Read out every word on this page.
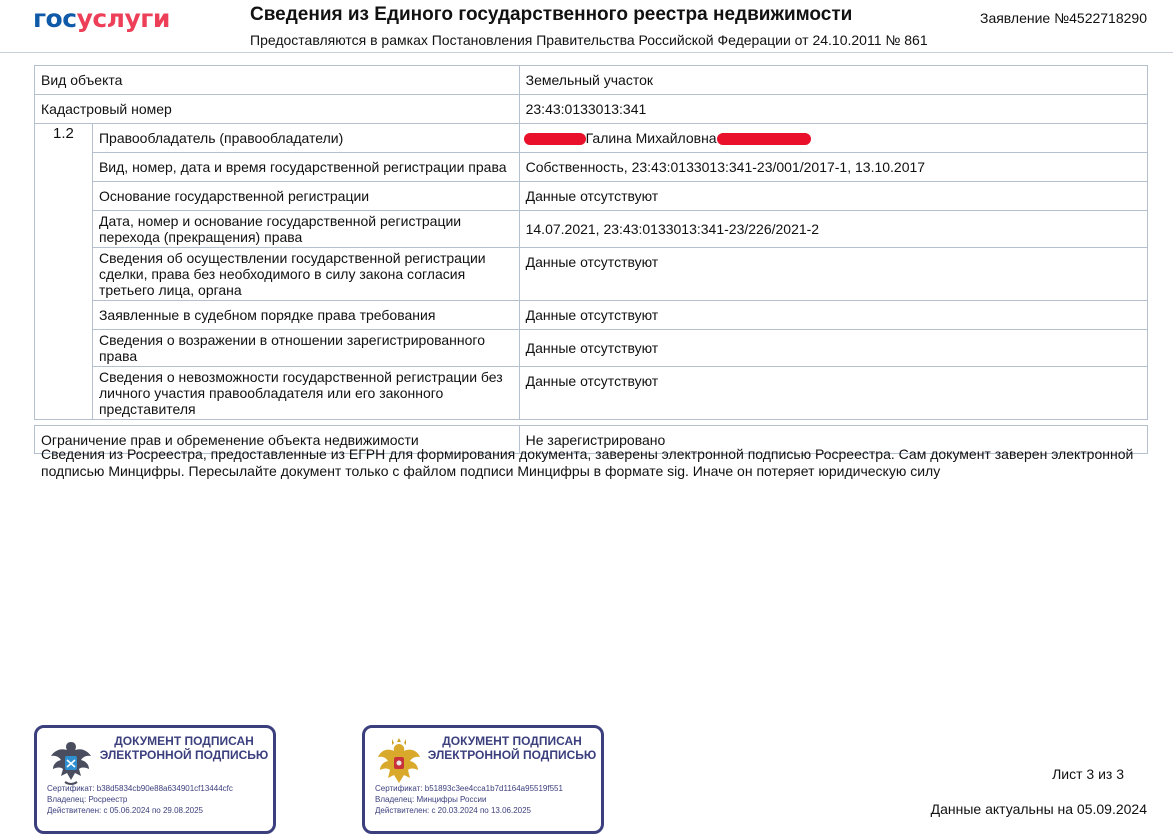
госуслуги	Сведения из Единого государственного реестра недвижимости
Предоставляются в рамках Постановления Правительства Российской Федерации от 24.10.2011 № 861
Заявление №4522718290
Вид объекта		Земельный участок
Кадастровый номер		23:43:0133013:341
1.2	Правообладатель (правообладатели)	Галина Михайловна
	Вид, номер, дата и время государственной регистрации права	Собственность, 23:43:0133013:341-23/001/2017-1, 13.10.2017
	Основание государственной регистрации	Данные отсутствуют
	Дата, номер и основание государственной регистрации перехода (прекращения) права	14.07.2021, 23:43:0133013:341-23/226/2021-2
	Сведения об осуществлении государственной регистрации сделки, права без необходимого в силу закона согласия третьего лица, органа	Данные отсутствуют
	Заявленные в судебном порядке права требования	Данные отсутствуют
	Сведения о возражении в отношении зарегистрированного права	Данные отсутствуют
	Сведения о невозможности государственной регистрации без личного участия правообладателя или его законного представителя	Данные отсутствуют

Ограничение прав и обременение объекта недвижимости		Не зарегистрировано
Сведения из Росреестра, предоставленные из ЕГРН для формирования документа, заверены электронной подписью Росреестра. Сам документ заверен электронной подписью Минцифры. Пересылайте документ только с файлом подписи Минцифры в формате sig. Иначе он потеряет юридическую силу
ДОКУМЕНТ ПОДПИСАН ЭЛЕКТРОННОЙ ПОДПИСЬЮ
Сертификат: b38d5834cb90e88a634901cf13444cfc
Владелец: Росреестр
Действителен: с 05.06.2024 по 29.08.2025
ДОКУМЕНТ ПОДПИСАН ЭЛЕКТРОННОЙ ПОДПИСЬЮ
Сертификат: b51893c3ee4cca1b7d1164a95519f551
Владелец: Минцифры России
Действителен: с 20.03.2024 по 13.06.2025
Лист 3 из 3
Данные актуальны на 05.09.2024
